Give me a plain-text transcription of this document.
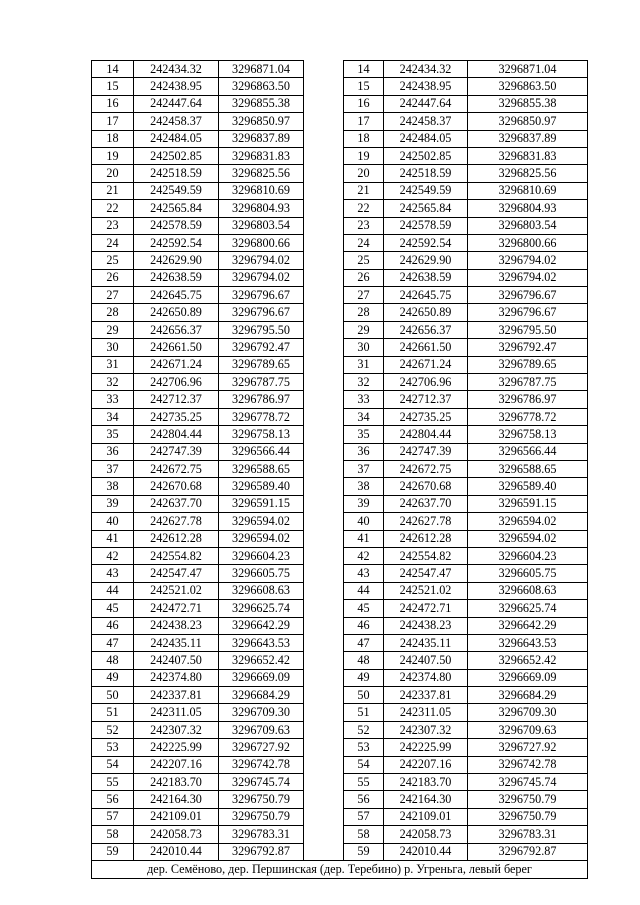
14	242434.32	3296871.04		14	242434.32	3296871.04
15	242438.95	3296863.50		15	242438.95	3296863.50
16	242447.64	3296855.38		16	242447.64	3296855.38
17	242458.37	3296850.97		17	242458.37	3296850.97
18	242484.05	3296837.89		18	242484.05	3296837.89
19	242502.85	3296831.83		19	242502.85	3296831.83
20	242518.59	3296825.56		20	242518.59	3296825.56
21	242549.59	3296810.69		21	242549.59	3296810.69
22	242565.84	3296804.93		22	242565.84	3296804.93
23	242578.59	3296803.54		23	242578.59	3296803.54
24	242592.54	3296800.66		24	242592.54	3296800.66
25	242629.90	3296794.02		25	242629.90	3296794.02
26	242638.59	3296794.02		26	242638.59	3296794.02
27	242645.75	3296796.67		27	242645.75	3296796.67
28	242650.89	3296796.67		28	242650.89	3296796.67
29	242656.37	3296795.50		29	242656.37	3296795.50
30	242661.50	3296792.47		30	242661.50	3296792.47
31	242671.24	3296789.65		31	242671.24	3296789.65
32	242706.96	3296787.75		32	242706.96	3296787.75
33	242712.37	3296786.97		33	242712.37	3296786.97
34	242735.25	3296778.72		34	242735.25	3296778.72
35	242804.44	3296758.13		35	242804.44	3296758.13
36	242747.39	3296566.44		36	242747.39	3296566.44
37	242672.75	3296588.65		37	242672.75	3296588.65
38	242670.68	3296589.40		38	242670.68	3296589.40
39	242637.70	3296591.15		39	242637.70	3296591.15
40	242627.78	3296594.02		40	242627.78	3296594.02
41	242612.28	3296594.02		41	242612.28	3296594.02
42	242554.82	3296604.23		42	242554.82	3296604.23
43	242547.47	3296605.75		43	242547.47	3296605.75
44	242521.02	3296608.63		44	242521.02	3296608.63
45	242472.71	3296625.74		45	242472.71	3296625.74
46	242438.23	3296642.29		46	242438.23	3296642.29
47	242435.11	3296643.53		47	242435.11	3296643.53
48	242407.50	3296652.42		48	242407.50	3296652.42
49	242374.80	3296669.09		49	242374.80	3296669.09
50	242337.81	3296684.29		50	242337.81	3296684.29
51	242311.05	3296709.30		51	242311.05	3296709.30
52	242307.32	3296709.63		52	242307.32	3296709.63
53	242225.99	3296727.92		53	242225.99	3296727.92
54	242207.16	3296742.78		54	242207.16	3296742.78
55	242183.70	3296745.74		55	242183.70	3296745.74
56	242164.30	3296750.79		56	242164.30	3296750.79
57	242109.01	3296750.79		57	242109.01	3296750.79
58	242058.73	3296783.31		58	242058.73	3296783.31
59	242010.44	3296792.87		59	242010.44	3296792.87
дер. Семёново, дер. Першинская (дер. Теребино) р. Угреньга, левый берег						
